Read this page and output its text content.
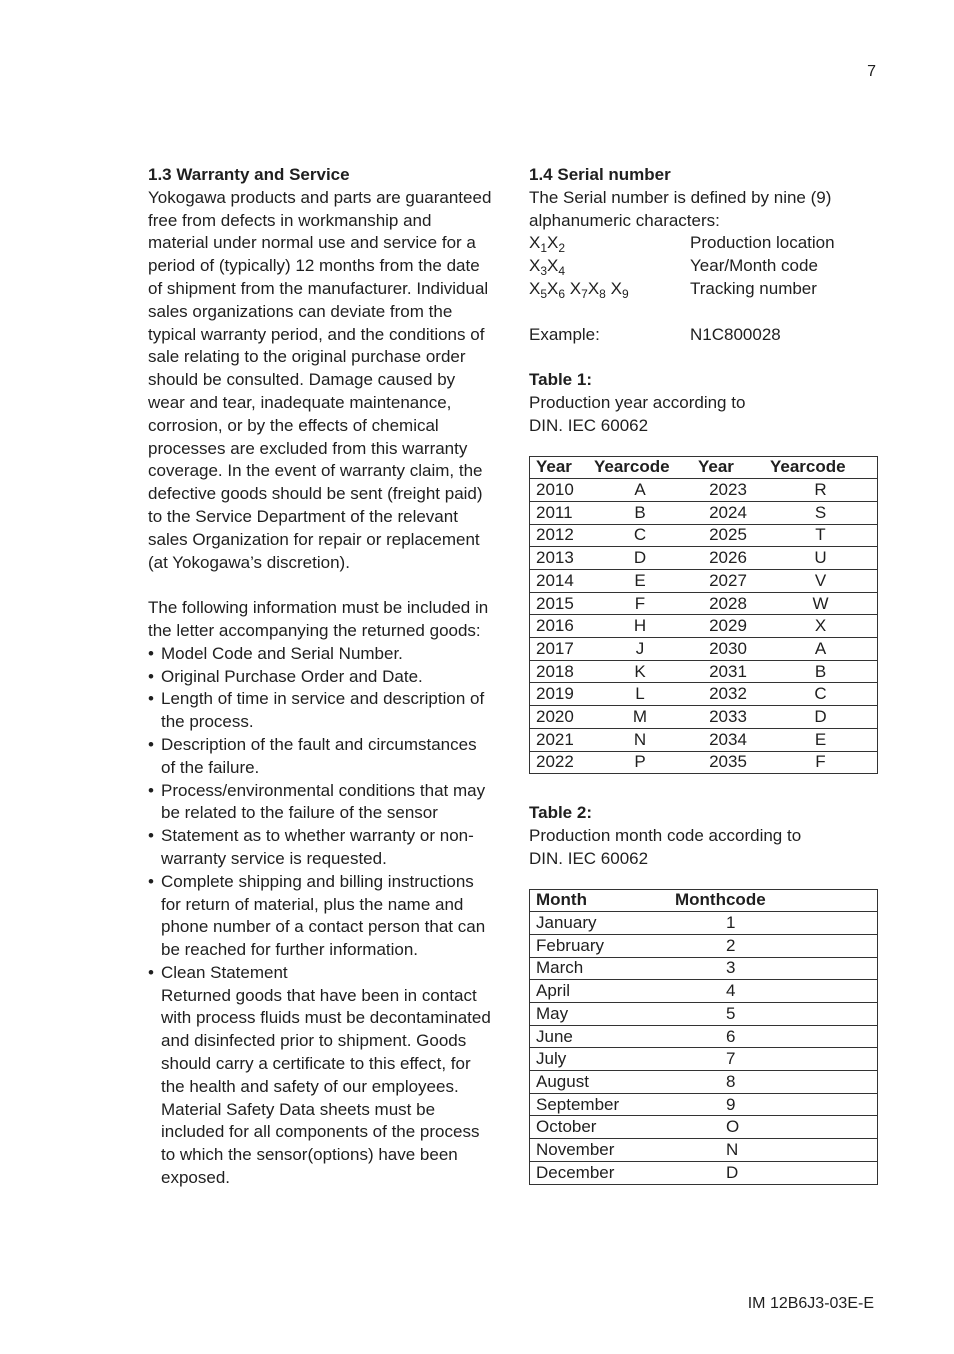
7
1.3 Warranty and Service

Yokogawa products and parts are guaranteed free from defects in workmanship and material under normal use and service for a period of (typically) 12 months from the date of shipment from the manufacturer. Individual sales organizations can deviate from the typical warranty period, and the conditions of sale relating to the original purchase order should be consulted. Damage caused by wear and tear, inadequate maintenance, corrosion, or by the effects of chemical processes are excluded from this warranty coverage. In the event of warranty claim, the defective goods should be sent (freight paid) to the Service Department of the relevant sales Organization for repair or replacement (at Yokogawa’s discretion).

The following information must be included in the letter accompanying the returned goods:

• Model Code and Serial Number.
• Original Purchase Order and Date.
• Length of time in service and description of the process.
• Description of the fault and circumstances of the failure.
• Process/environmental conditions that may be related to the failure of the sensor
• Statement as to whether warranty or non-warranty service is requested.
• Complete shipping and billing instructions for return of material, plus the name and phone number of a contact person that can be reached for further information.
• Clean Statement
Returned goods that have been in contact with process fluids must be decontaminated and disinfected prior to shipment. Goods should carry a certificate to this effect, for the health and safety of our employees. Material Safety Data sheets must be included for all components of the process to which the sensor(options) have been exposed.
1.4 Serial number

The Serial number is defined by nine (9) alphanumeric characters:

$X_1X_2$	Production location
$X_3X_4$	Year/Month code
$X_5X_6$ $X_7X_8$ $X_9$	Tracking number
Example:	N1C800028
Table 1:

Production year according to DIN. IEC 60062

Year	Yearcode	Year	Yearcode
2010	A	2023	R
2011	B	2024	S
2012	C	2025	T
2013	D	2026	U
2014	E	2027	V
2015	F	2028	W
2016	H	2029	X
2017	J	2030	A
2018	K	2031	B
2019	L	2032	C
2020	M	2033	D
2021	N	2034	E
2022	P	2035	F
Table 2:

Production month code according to DIN. IEC 60062

Month	Monthcode
January	1
February	2
March	3
April	4
May	5
June	6
July	7
August	8
September	9
October	O
November	N
December	D
IM 12B6J3-03E-E
